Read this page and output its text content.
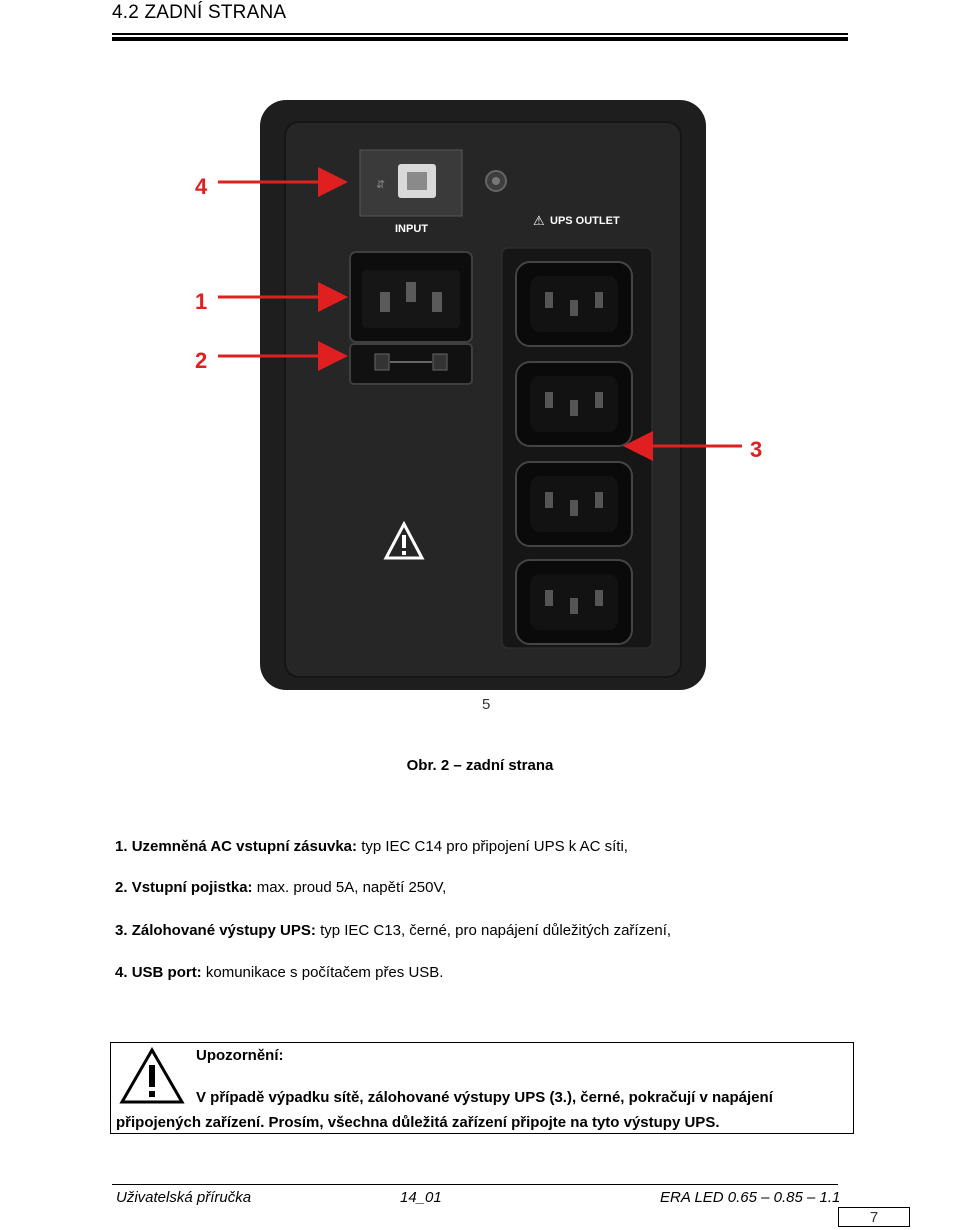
4.2 ZADNÍ STRANA
⇵
INPUT	⚠ UPS OUTLET
4
1
2
3
5
Obr. 2 – zadní strana
1. Uzemněná AC vstupní zásuvka: typ IEC C14 pro připojení UPS k AC síti,
2. Vstupní pojistka: max. proud 5A, napětí 250V,
3. Zálohované výstupy UPS: typ IEC C13, černé, pro napájení důležitých zařízení,
4. USB port: komunikace s počítačem přes USB.
Upozornění:
V případě výpadku sítě, zálohované výstupy UPS (3.), černé, pokračují v napájení
připojených zařízení. Prosím, všechna důležitá zařízení připojte na tyto výstupy UPS.
Uživatelská příručka	14_01	ERA LED 0.65 – 0.85 – 1.1
7
